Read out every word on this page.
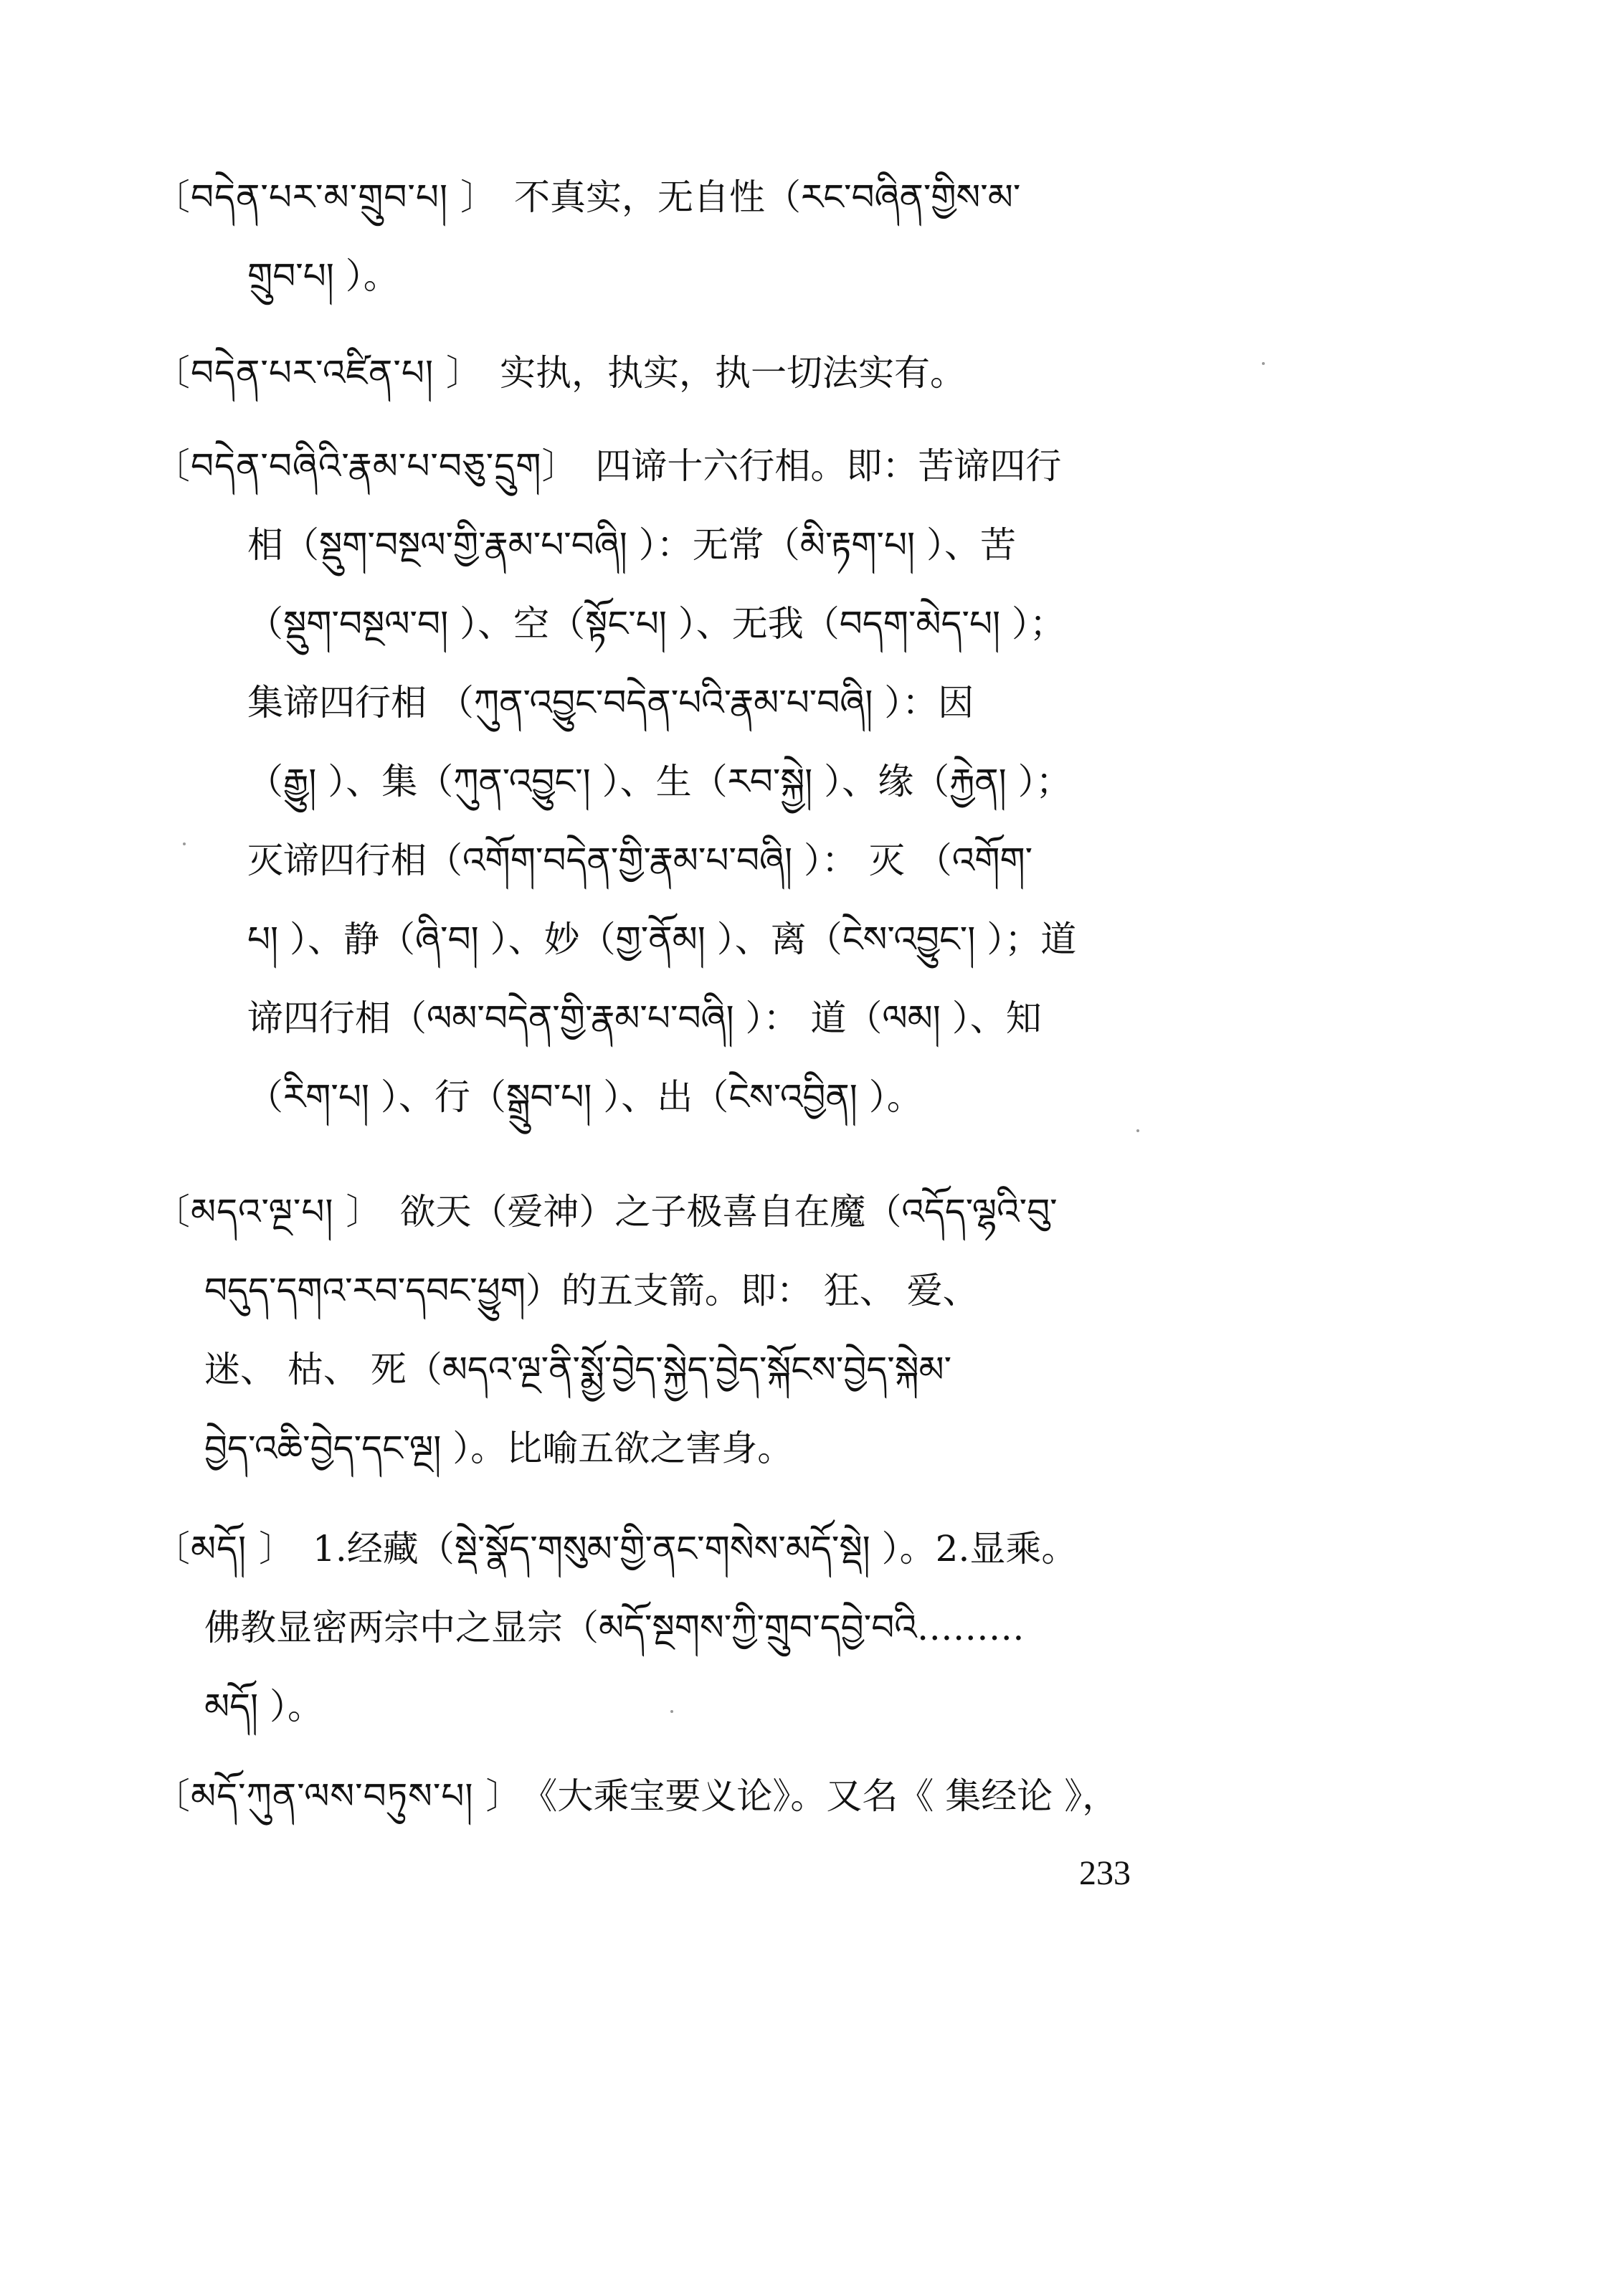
〔བདེན་པར་མ་གྲུབ་པ། 〕 不真实，无自性（རང་བཞིན་གྱིས་མ་
གྲུབ་པ། ）。
〔བདེན་པར་འཛིན་པ། 〕 实执，执实，执一切法实有。
〔བདེན་བཞིའི་རྣམ་པ་བཅུ་དྲུག〕 四谛十六行相。即：苦谛四行
相（སྡུག་བསྔལ་གྱི་རྣམ་པ་བཞི། ）：无常（མི་རྟག་པ། ）、苦
（སྡུག་བསྔལ་བ། ）、空（སྟོང་པ། ）、无我（བདག་མེད་པ། ）；
集谛四行相 （ཀུན་འབྱུང་བདེན་པའི་རྣམ་པ་བཞི། ）：因
（རྒྱུ། ）、集（ཀུན་འབྱུང་། ）、生（རབ་སྐྱེ། ）、缘（རྐྱེན། ）；
灭谛四行相（འགོག་བདེན་གྱི་རྣམ་པ་བཞི། ）： 灭 （འགོག་
པ། ）、静（ཞི་བ། ）、妙（གྱ་ནོམ། ）、离（ངེས་འབྱུང་། ）；道
谛四行相（ལམ་བདེན་གྱི་རྣམ་པ་བཞི། ）： 道（ལམ། ）、知
（རིག་པ། ）、行（སྒྲུབ་པ། ）、出（ངེས་འབྱིན། ）。
〔མདའ་ལྔ་པ། 〕 欲天（爱神）之子极喜自在魔（འདོད་ལྷའི་བུ་
བདུད་དགའ་རབ་དབང་ཕྱུག）的五支箭。即： 狂、 爱、
迷、 枯、 死（མདའ་ལྔ་ནི་སྨྱོ་བྱེད་སྐྱེད་བྱེད་སྐོངས་བྱེད་སྐེམ་
བྱེད་འཆི་བྱེད་དང་ལྔ། ）。比喻五欲之害身。
〔མདོ། 〕 1.经藏（སྡེ་སྣོད་གསུམ་གྱི་ནང་གསེས་མདོ་སྡེ། ）。2.显乘。
佛教显密两宗中之显宗（མདོ་སྔགས་ཀྱི་གྲུབ་དབྱེ་བའི………
མདོ། ）。
〔མདོ་ཀུན་ལས་བཏུས་པ། 〕 《大乘宝要义论》。又名《 集经论 》，
233
